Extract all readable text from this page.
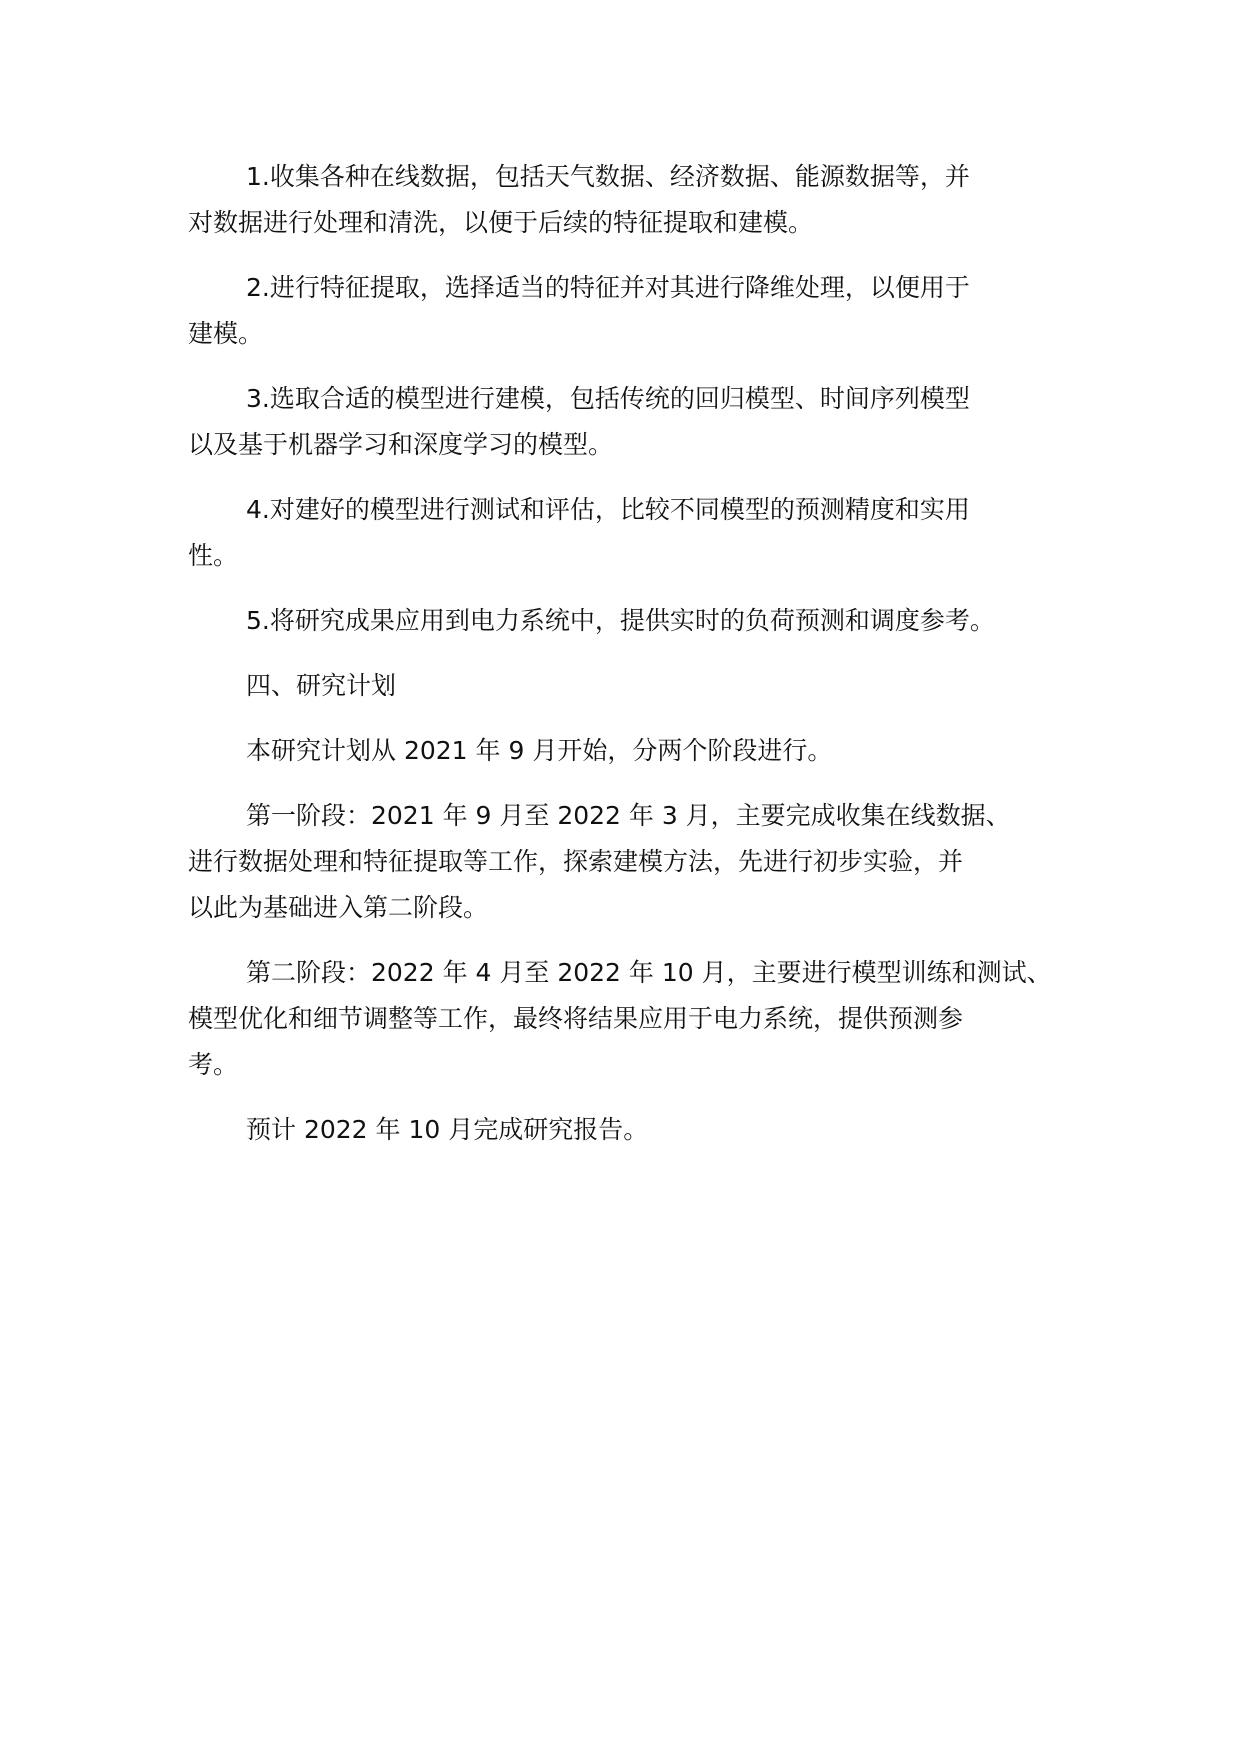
1.收集各种在线数据，包括天气数据、经济数据、能源数据等，并
对数据进行处理和清洗，以便于后续的特征提取和建模。

2.进行特征提取，选择适当的特征并对其进行降维处理，以便用于
建模。

3.选取合适的模型进行建模，包括传统的回归模型、时间序列模型
以及基于机器学习和深度学习的模型。

4.对建好的模型进行测试和评估，比较不同模型的预测精度和实用
性。

5.将研究成果应用到电力系统中，提供实时的负荷预测和调度参考。

四、研究计划

本研究计划从 2021 年 9 月开始，分两个阶段进行。

第一阶段：2021 年 9 月至 2022 年 3 月，主要完成收集在线数据、
进行数据处理和特征提取等工作，探索建模方法，先进行初步实验，并
以此为基础进入第二阶段。

第二阶段：2022 年 4 月至 2022 年 10 月，主要进行模型训练和测试、
模型优化和细节调整等工作，最终将结果应用于电力系统，提供预测参
考。

预计 2022 年 10 月完成研究报告。
